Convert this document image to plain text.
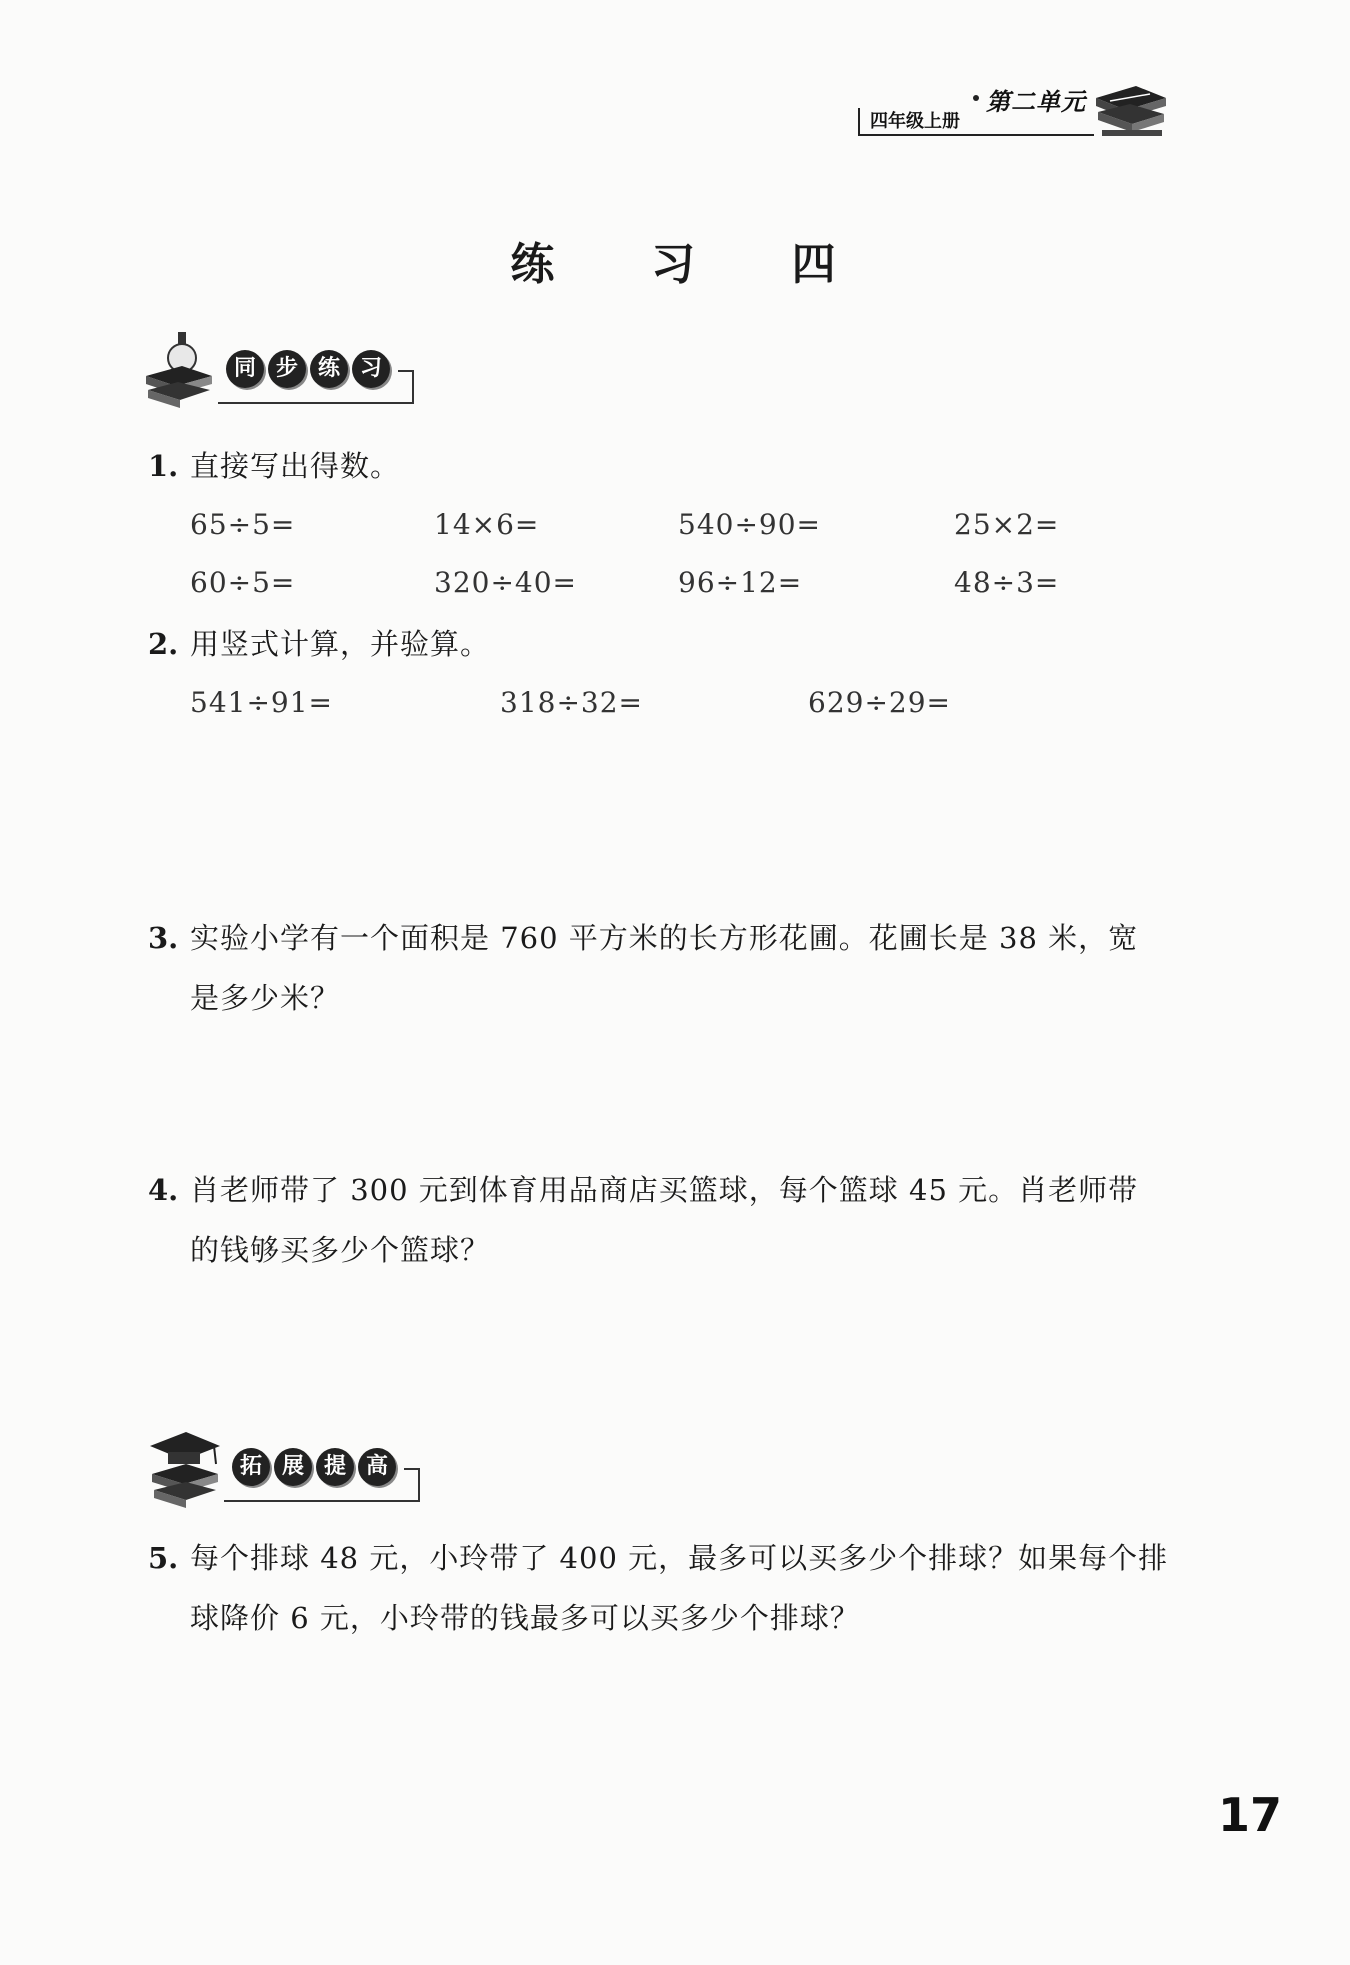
四年级上册
第二单元
练 习 四
同 步 练 习
1. 直接写出得数。
65÷5=	14×6=	540÷90=	25×2=
60÷5=	320÷40=	96÷12=	48÷3=
2. 用竖式计算，并验算。
541÷91=	318÷32=	629÷29=
3. 实验小学有一个面积是 760 平方米的长方形花圃。花圃长是 38 米，宽
是多少米？
4. 肖老师带了 300 元到体育用品商店买篮球，每个篮球 45 元。肖老师带
的钱够买多少个篮球？
拓 展 提 高
5. 每个排球 48 元，小玲带了 400 元，最多可以买多少个排球？如果每个排
球降价 6 元，小玲带的钱最多可以买多少个排球？
17
